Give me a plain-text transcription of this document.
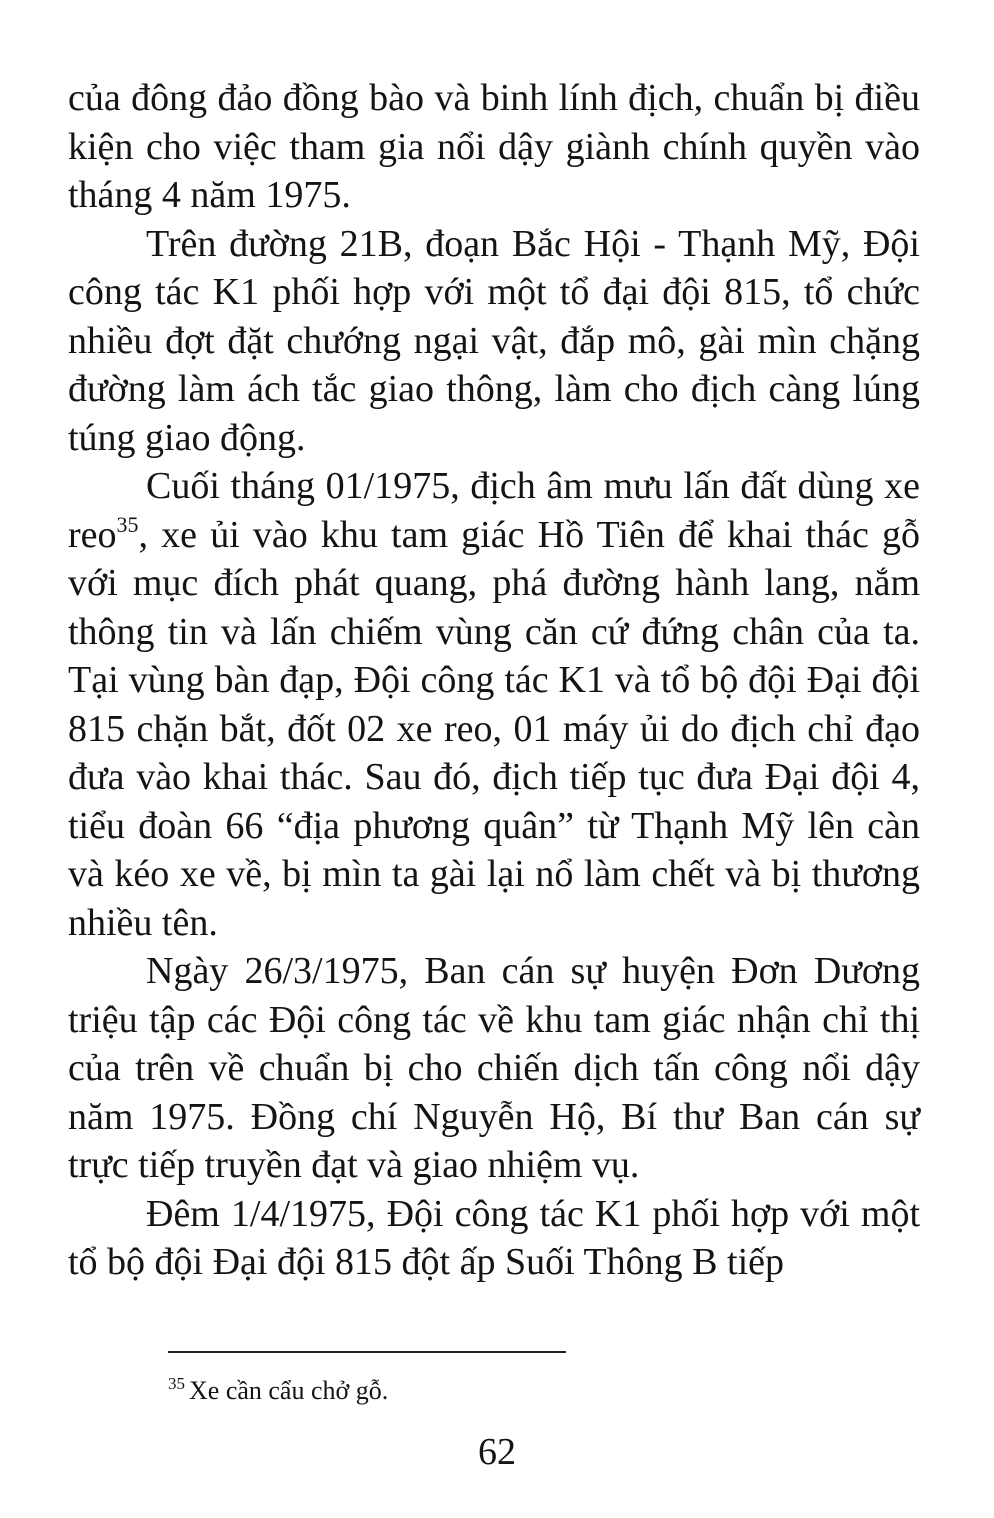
của đông đảo đồng bào và binh lính địch, chuẩn bị điều kiện cho việc tham gia nổi dậy giành chính quyền vào tháng 4 năm 1975.

Trên đường 21B, đoạn Bắc Hội - Thạnh Mỹ, Đội công tác K1 phối hợp với một tổ đại đội 815, tổ chức nhiều đợt đặt chướng ngại vật, đắp mô, gài mìn chặng đường làm ách tắc giao thông, làm cho địch càng lúng túng giao động.

Cuối tháng 01/1975, địch âm mưu lấn đất dùng xe reo$^{35}$, xe ủi vào khu tam giác Hồ Tiên để khai thác gỗ với mục đích phát quang, phá đường hành lang, nắm thông tin và lấn chiếm vùng căn cứ đứng chân của ta. Tại vùng bàn đạp, Đội công tác K1 và tổ bộ đội Đại đội 815 chặn bắt, đốt 02 xe reo, 01 máy ủi do địch chỉ đạo đưa vào khai thác. Sau đó, địch tiếp tục đưa Đại đội 4, tiểu đoàn 66 “địa phương quân” từ Thạnh Mỹ lên càn và kéo xe về, bị mìn ta gài lại nổ làm chết và bị thương nhiều tên.

Ngày 26/3/1975, Ban cán sự huyện Đơn Dương triệu tập các Đội công tác về khu tam giác nhận chỉ thị của trên về chuẩn bị cho chiến dịch tấn công nổi dậy năm 1975. Đồng chí Nguyễn Hộ, Bí thư Ban cán sự trực tiếp truyền đạt và giao nhiệm vụ.

Đêm 1/4/1975, Đội công tác K1 phối hợp với một tổ bộ đội Đại đội 815 đột ấp Suối Thông B tiếp

$^{35}$ Xe cần cẩu chở gỗ.
62
